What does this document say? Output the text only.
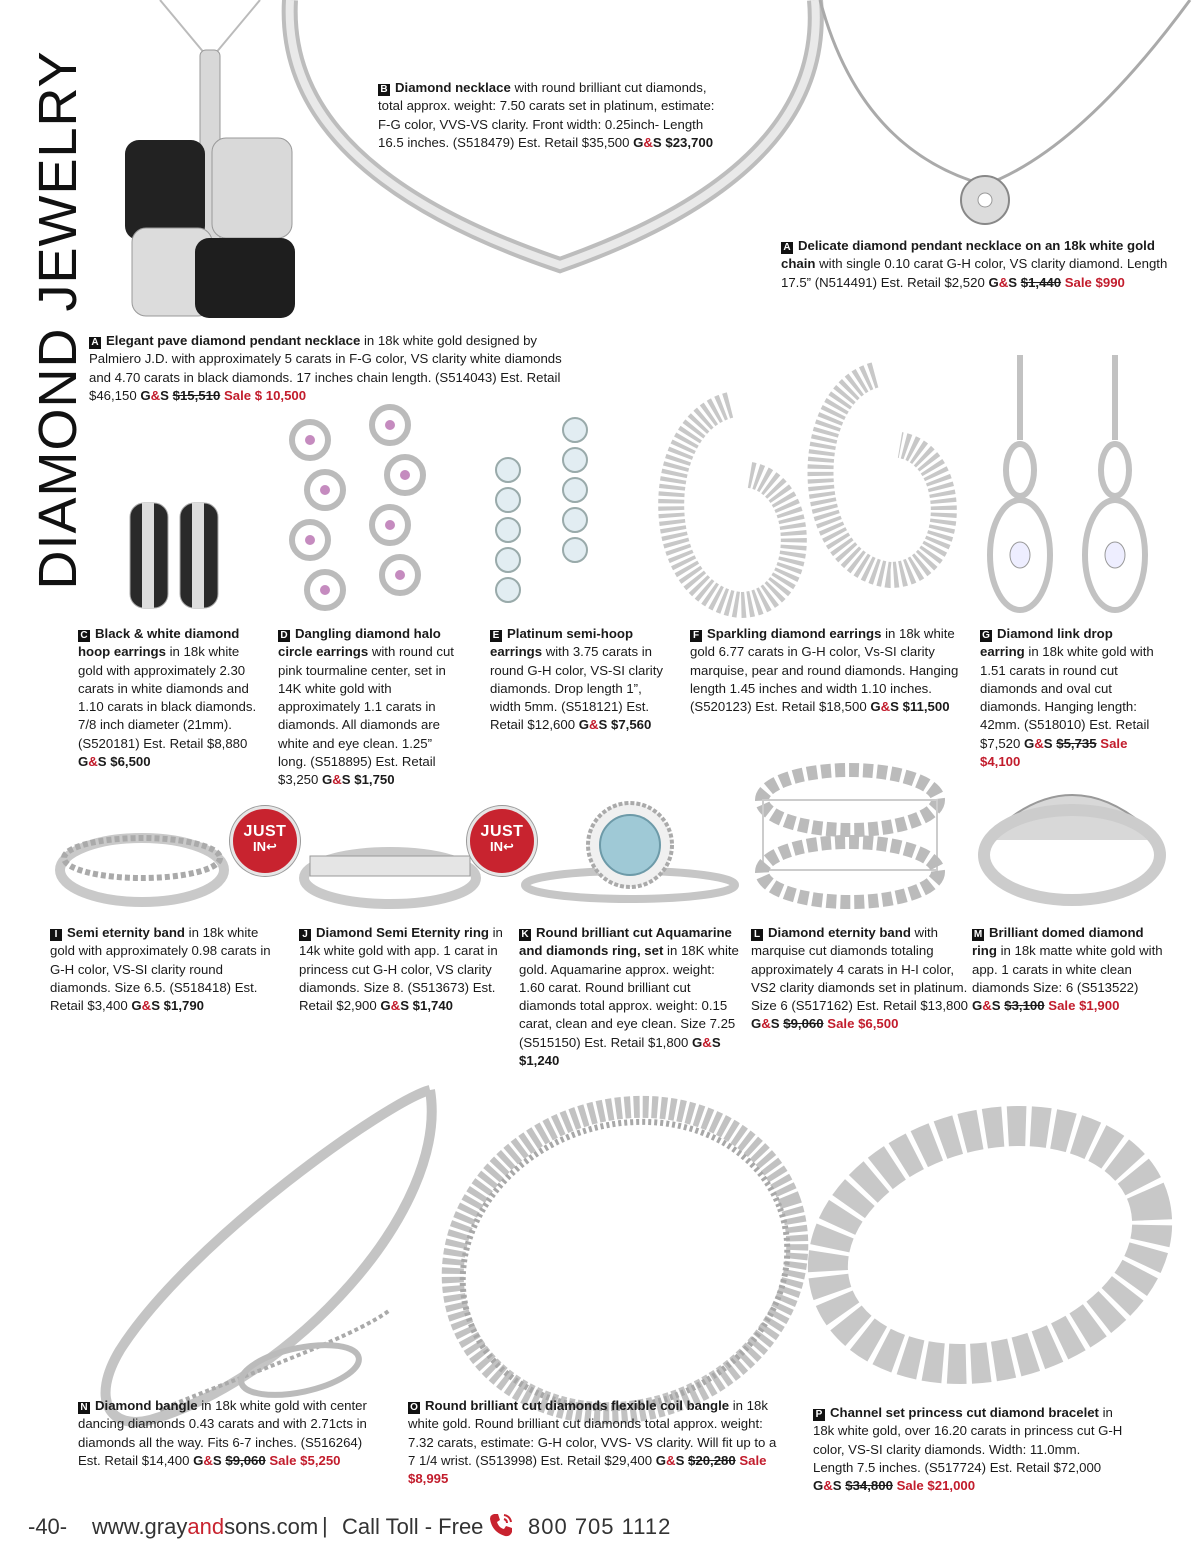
DIAMOND JEWELRY
JUST
IN↩
JUST
IN↩
B Diamond necklace with round brilliant cut diamonds, total approx. weight: 7.50 carats set in platinum, estimate: F-G color, VVS-VS clarity. Front width: 0.25inch- Length 16.5 inches. (S518479) Est. Retail $35,500 G&S $23,700
A Delicate diamond pendant necklace on an 18k white gold chain with single 0.10 carat G-H color, VS clarity diamond. Length 17.5” (N514491) Est. Retail $2,520 G&S $1,440 Sale $990
A Elegant pave diamond pendant necklace in 18k white gold designed by Palmiero J.D. with approximately 5 carats in F-G color, VS clarity white diamonds and 4.70 carats in black diamonds. 17 inches chain length. (S514043) Est. Retail $46,150 G&S $15,510 Sale $ 10,500
C Black & white diamond hoop earrings in 18k white gold with approximately 2.30 carats in white diamonds and 1.10 carats in black diamonds. 7/8 inch diameter (21mm). (S520181) Est. Retail $8,880 G&S $6,500
D Dangling diamond halo circle earrings with round cut pink tourmaline center, set in 14K white gold with approximately 1.1 carats in diamonds. All diamonds are white and eye clean. 1.25” long. (S518895) Est. Retail $3,250 G&S $1,750
E Platinum semi-hoop earrings with 3.75 carats in round G-H color, VS-SI clarity diamonds. Drop length 1”, width 5mm. (S518121) Est. Retail $12,600 G&S $7,560
F Sparkling diamond earrings in 18k white gold 6.77 carats in G-H color, Vs-SI clarity marquise, pear and round diamonds. Hanging length 1.45 inches and width 1.10 inches. (S520123) Est. Retail $18,500 G&S $11,500
G Diamond link drop earring in 18k white gold with 1.51 carats in round cut diamonds and oval cut diamonds. Hanging length: 42mm. (S518010) Est. Retail $7,520 G&S $5,735 Sale $4,100
I Semi eternity band in 18k white gold with approximately 0.98 carats in G-H color, VS-SI clarity round diamonds. Size 6.5. (S518418) Est. Retail $3,400 G&S $1,790
J Diamond Semi Eternity ring in 14k white gold with app. 1 carat in princess cut G-H color, VS clarity diamonds. Size 8. (S513673) Est. Retail $2,900 G&S $1,740
K Round brilliant cut Aquamarine and diamonds ring, set in 18K white gold. Aquamarine approx. weight: 1.60 carat. Round brilliant cut diamonds total approx. weight: 0.15 carat, clean and eye clean. Size 7.25 (S515150) Est. Retail $1,800 G&S $1,240
L Diamond eternity band with marquise cut diamonds totaling approximately 4 carats in H-I color, VS2 clarity diamonds set in platinum. Size 6 (S517162) Est. Retail $13,800 G&S $9,060 Sale $6,500
M Brilliant domed diamond ring in 18k matte white gold with app. 1 carats in white clean diamonds Size: 6 (S513522) G&S $3,100 Sale $1,900
N Diamond bangle in 18k white gold with center dancing diamonds 0.43 carats and with 2.71cts in diamonds all the way. Fits 6-7 inches. (S516264) Est. Retail $14,400 G&S $9,060 Sale $5,250
O Round brilliant cut diamonds flexible coil bangle in 18k white gold. Round brilliant cut diamonds total approx. weight: 7.32 carats, estimate: G-H color, VVS- VS clarity. Will fit up to a 7 1/4 wrist. (S513998) Est. Retail $29,400 G&S $20,280 Sale $8,995
P Channel set princess cut diamond bracelet in 18k white gold, over 16.20 carats in princess cut G-H color, VS-SI clarity diamonds. Width: 11.0mm. Length 7.5 inches. (S517724) Est. Retail $72,000 G&S $34,800 Sale $21,000
-40- www.grayandsons.com | Call Toll - Free 800 705 1112
